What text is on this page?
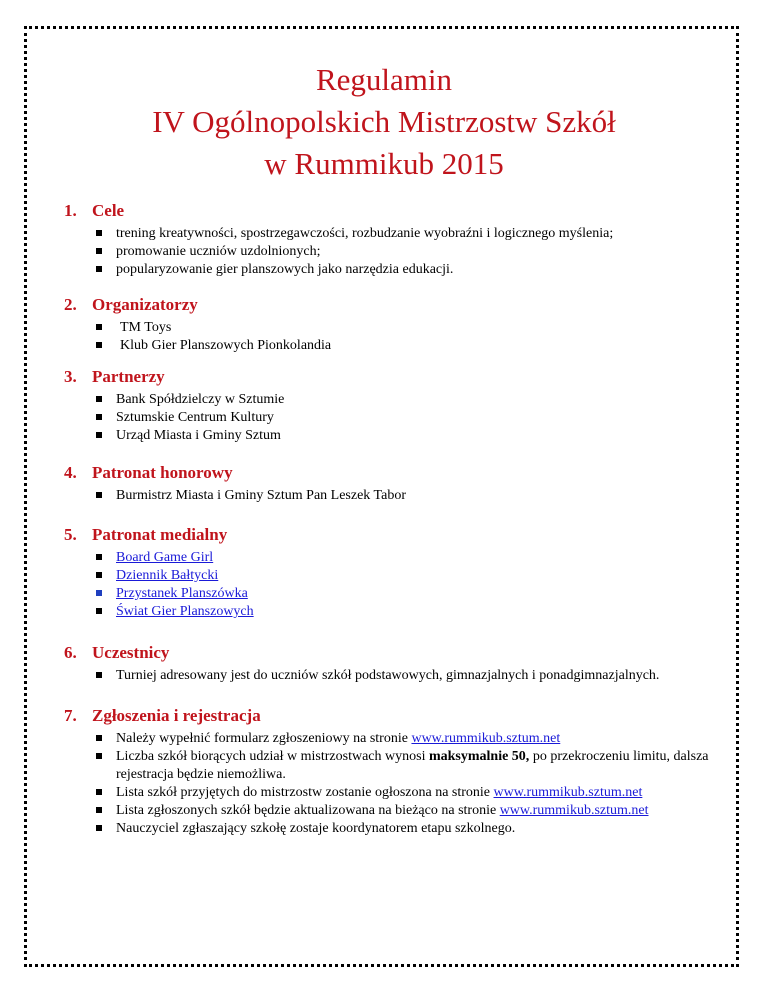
Regulamin
IV Ogólnopolskich Mistrzostw Szkół
w Rummikub 2015
1. Cele
trening kreatywności, spostrzegawczości, rozbudzanie wyobraźni i logicznego myślenia;
promowanie uczniów uzdolnionych;
popularyzowanie gier planszowych jako narzędzia edukacji.
2. Organizatorzy
TM Toys
Klub Gier Planszowych Pionkolandia
3. Partnerzy
Bank Spółdzielczy w Sztumie
Sztumskie Centrum Kultury
Urząd Miasta i Gminy Sztum
4. Patronat honorowy
Burmistrz Miasta i Gminy Sztum Pan Leszek Tabor
5. Patronat medialny
Board Game Girl
Dziennik Bałtycki
Przystanek Planszówka
Świat Gier Planszowych
6. Uczestnicy
Turniej adresowany jest do uczniów szkół podstawowych, gimnazjalnych i ponadgimnazjalnych.
7. Zgłoszenia i rejestracja
Należy wypełnić formularz zgłoszeniowy na stronie www.rummikub.sztum.net
Liczba szkół biorących udział w mistrzostwach wynosi maksymalnie 50, po przekroczeniu limitu, dalsza rejestracja będzie niemożliwa.
Lista szkół przyjętych do mistrzostw zostanie ogłoszona na stronie www.rummikub.sztum.net
Lista zgłoszonych szkół będzie aktualizowana na bieżąco na stronie www.rummikub.sztum.net
Nauczyciel zgłaszający szkołę zostaje koordynatorem etapu szkolnego.
